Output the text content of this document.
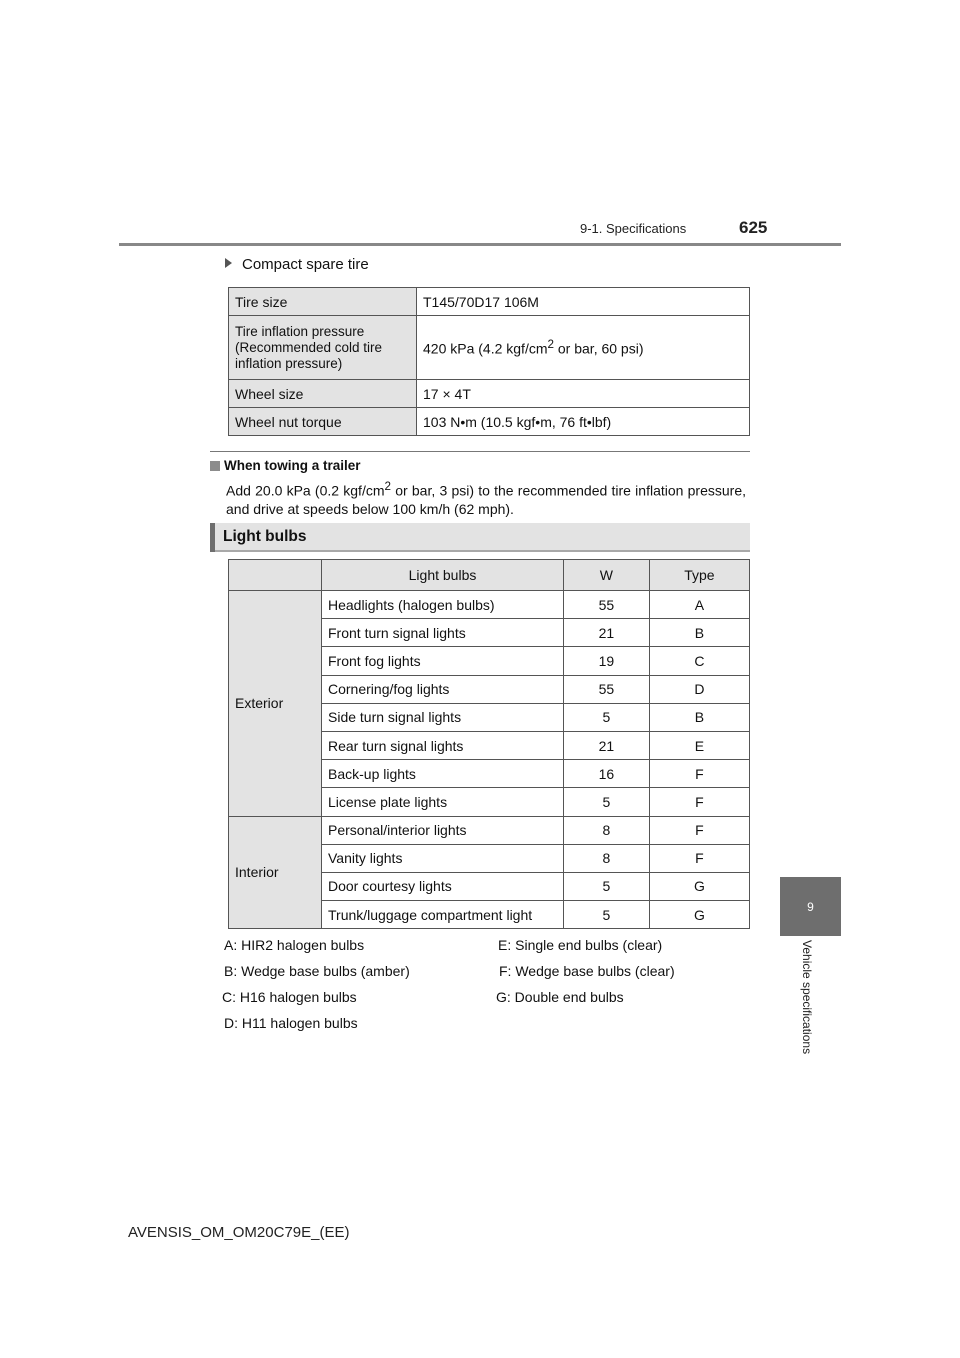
9-1. Specifications	625
9
Vehicle specifications
Compact spare tire
Tire size	T145/70D17 106M
Tire inflation pressure (Recommended cold tire inflation pressure)	420 kPa (4.2 kgf/$cm^2$ or bar, 60 psi)
Wheel size	17 × 4T
Wheel nut torque	103 N•m (10.5 kgf•m, 76 ft•lbf)
When towing a trailer
Add 20.0 kPa (0.2 kgf/$cm^2$ or bar, 3 psi) to the recommended tire inflation pressure, and drive at speeds below 100 km/h (62 mph).
Light bulbs
	Light bulbs	W	Type
Exterior	Headlights (halogen bulbs)	55	A
	Front turn signal lights	21	B
	Front fog lights	19	C
	Cornering/fog lights	55	D
	Side turn signal lights	5	B
	Rear turn signal lights	21	E
	Back-up lights	16	F
	License plate lights	5	F
Interior	Personal/interior lights	8	F
	Vanity lights	8	F
	Door courtesy lights	5	G
	Trunk/luggage compartment light	5	G
A: HIR2 halogen bulbs
B: Wedge base bulbs (amber)
C: H16 halogen bulbs
D: H11 halogen bulbs
E: Single end bulbs (clear)
F: Wedge base bulbs (clear)
G: Double end bulbs
AVENSIS_OM_OM20C79E_(EE)
